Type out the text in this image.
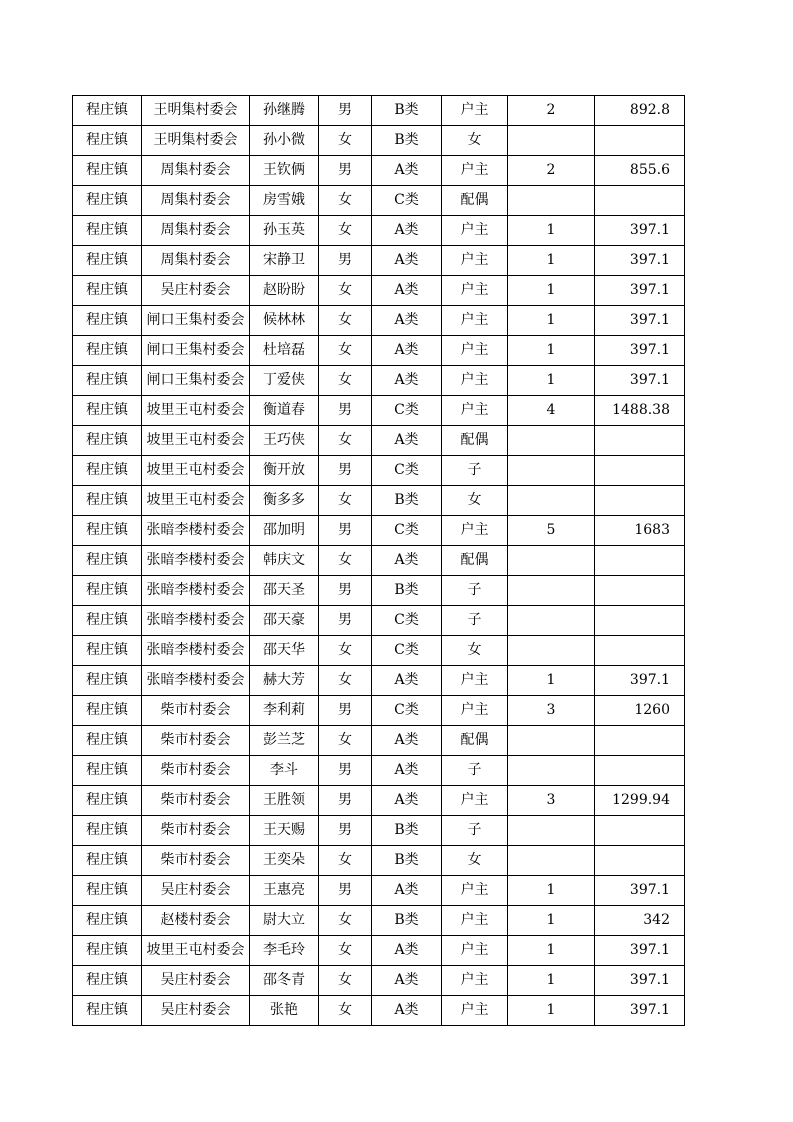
程庄镇	王明集村委会	孙继腾	男	B类	户主	2	892.8
程庄镇	王明集村委会	孙小微	女	B类	女		
程庄镇	周集村委会	王钦俩	男	A类	户主	2	855.6
程庄镇	周集村委会	房雪娥	女	C类	配偶		
程庄镇	周集村委会	孙玉英	女	A类	户主	1	397.1
程庄镇	周集村委会	宋静卫	男	A类	户主	1	397.1
程庄镇	吴庄村委会	赵盼盼	女	A类	户主	1	397.1
程庄镇	闸口王集村委会	候林林	女	A类	户主	1	397.1
程庄镇	闸口王集村委会	杜培磊	女	A类	户主	1	397.1
程庄镇	闸口王集村委会	丁爱侠	女	A类	户主	1	397.1
程庄镇	坡里王屯村委会	衡道春	男	C类	户主	4	1488.38
程庄镇	坡里王屯村委会	王巧侠	女	A类	配偶		
程庄镇	坡里王屯村委会	衡开放	男	C类	子		
程庄镇	坡里王屯村委会	衡多多	女	B类	女		
程庄镇	张暗李楼村委会	邵加明	男	C类	户主	5	1683
程庄镇	张暗李楼村委会	韩庆文	女	A类	配偶		
程庄镇	张暗李楼村委会	邵天圣	男	B类	子		
程庄镇	张暗李楼村委会	邵天豪	男	C类	子		
程庄镇	张暗李楼村委会	邵天华	女	C类	女		
程庄镇	张暗李楼村委会	赫大芳	女	A类	户主	1	397.1
程庄镇	柴市村委会	李利莉	男	C类	户主	3	1260
程庄镇	柴市村委会	彭兰芝	女	A类	配偶		
程庄镇	柴市村委会	李斗	男	A类	子		
程庄镇	柴市村委会	王胜领	男	A类	户主	3	1299.94
程庄镇	柴市村委会	王天赐	男	B类	子		
程庄镇	柴市村委会	王奕朵	女	B类	女		
程庄镇	吴庄村委会	王惠亮	男	A类	户主	1	397.1
程庄镇	赵楼村委会	尉大立	女	B类	户主	1	342
程庄镇	坡里王屯村委会	李毛玲	女	A类	户主	1	397.1
程庄镇	吴庄村委会	邵冬青	女	A类	户主	1	397.1
程庄镇	吴庄村委会	张艳	女	A类	户主	1	397.1
